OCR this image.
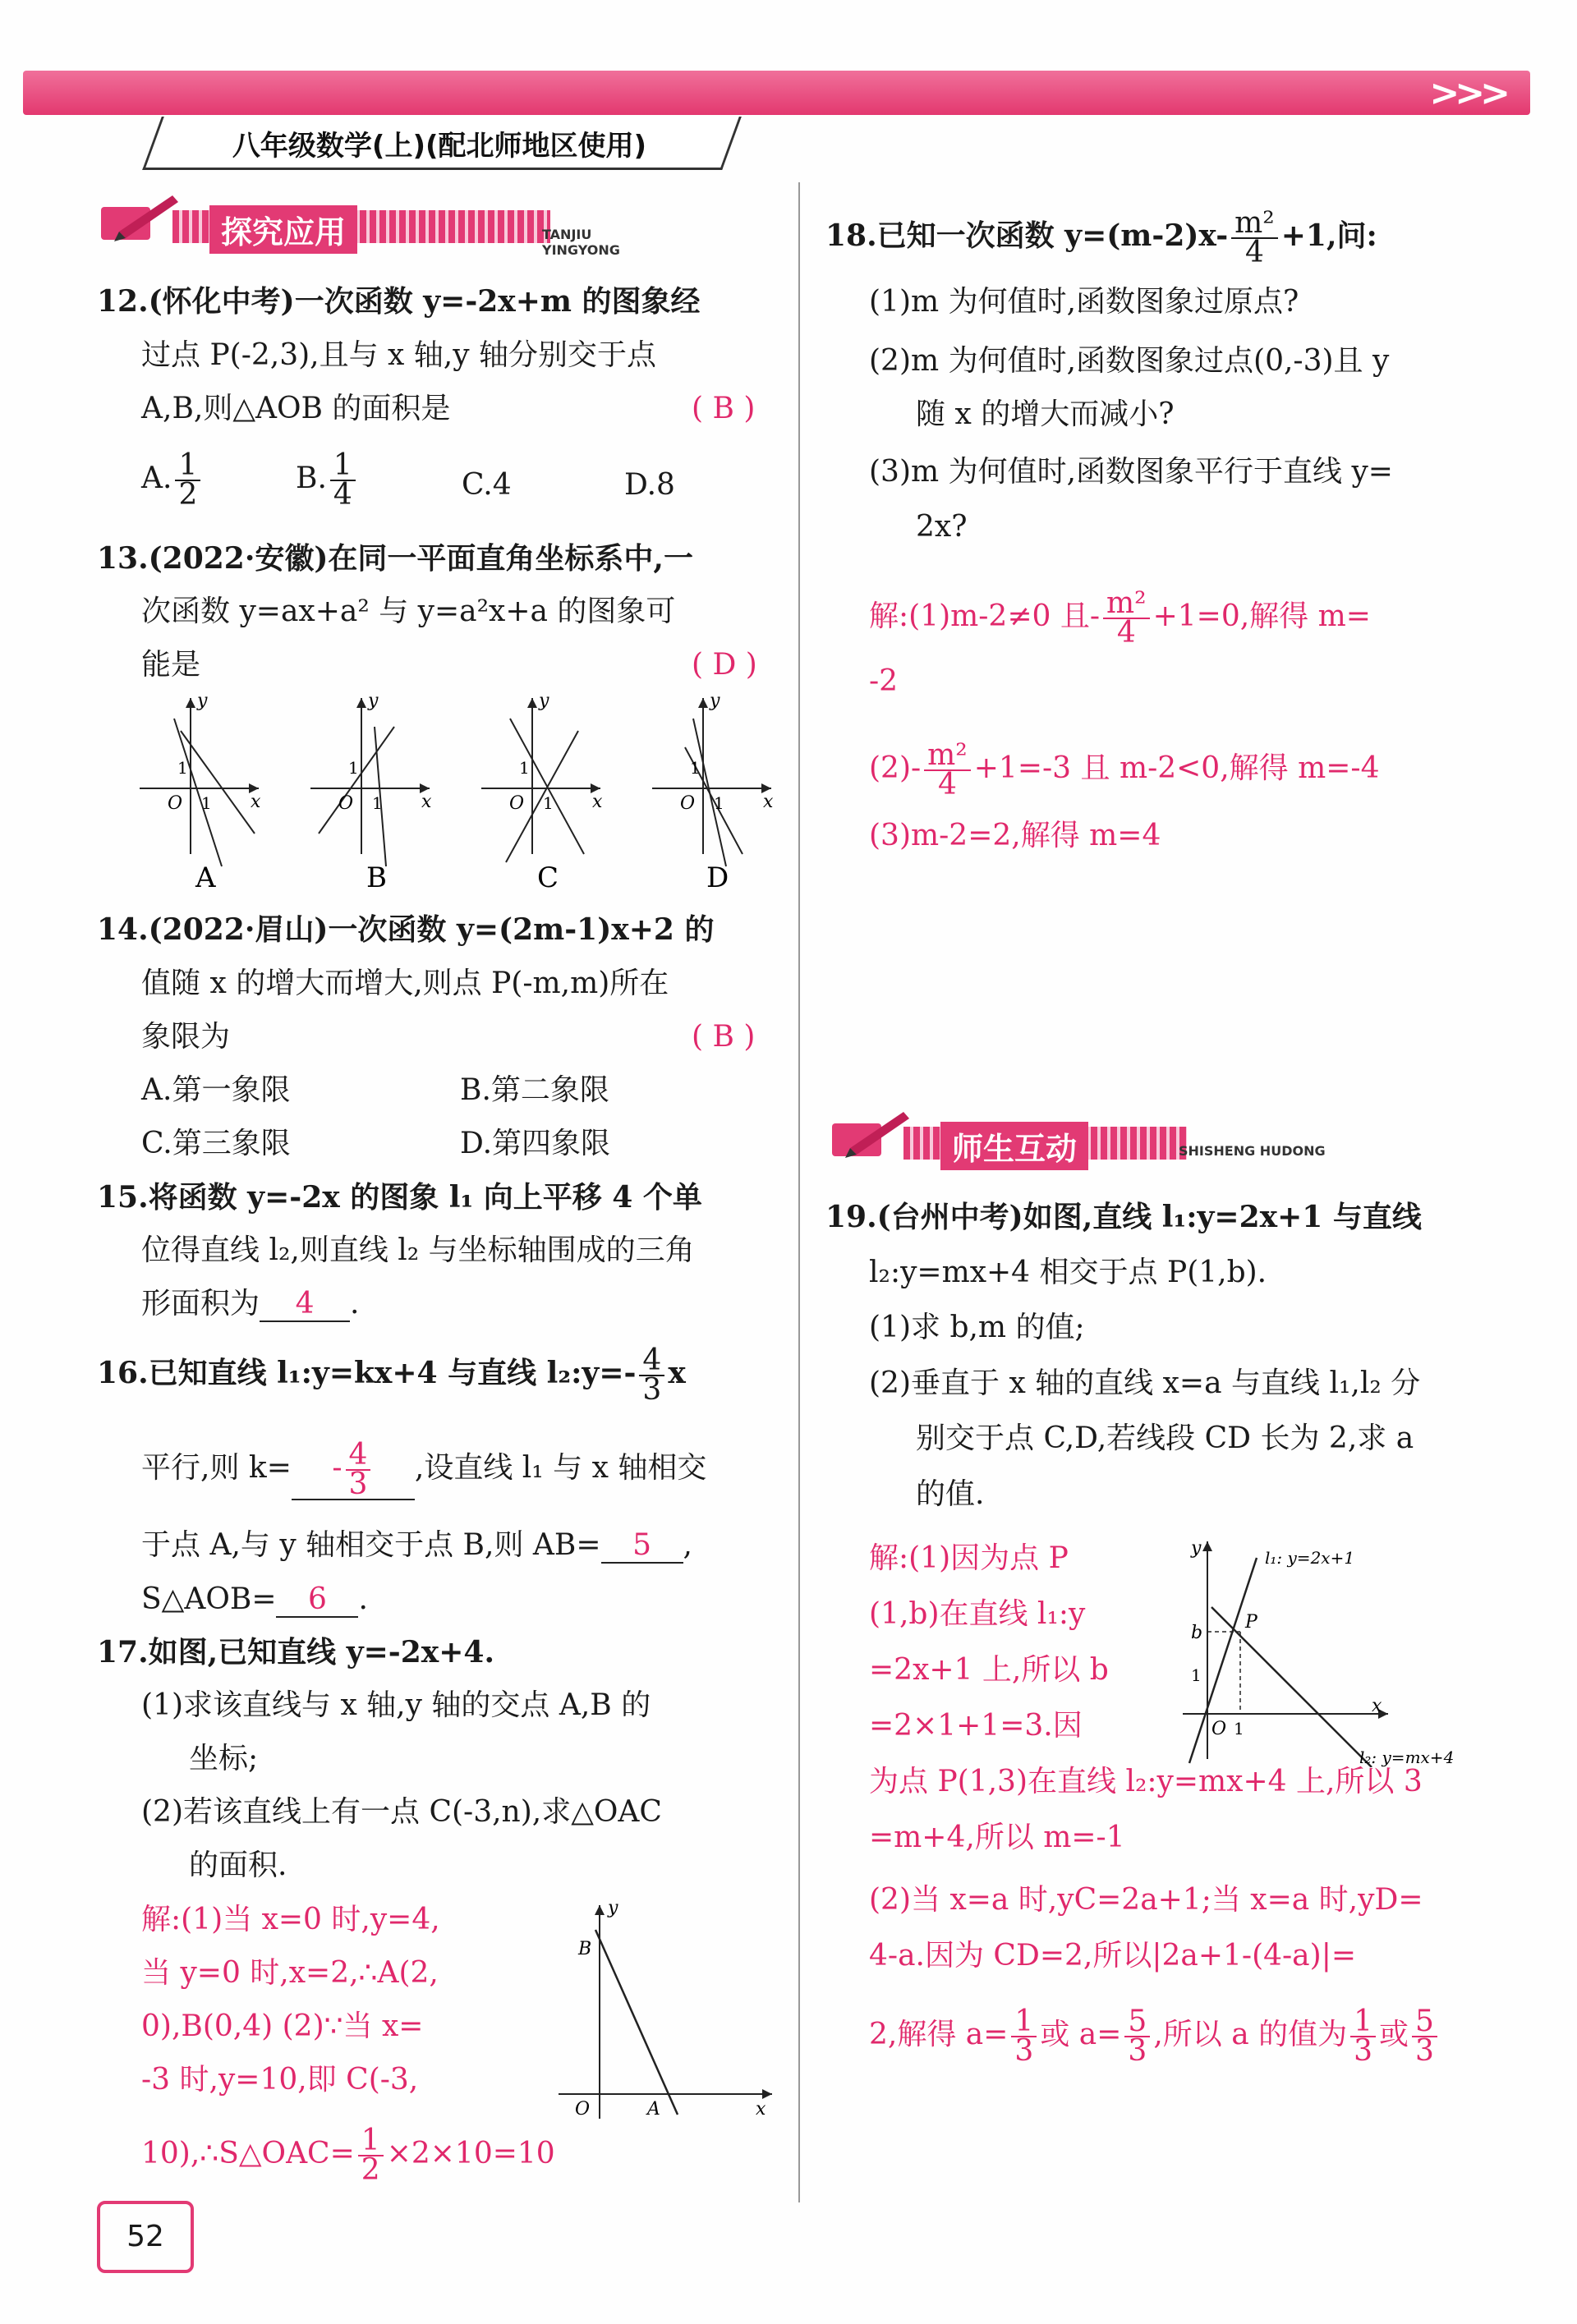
>>>
八年级数学(上)(配北师地区使用)
探究应用	TANJIU YINGYONG
12.(怀化中考)一次函数 y=-2x+m 的图象经
过点 P(-2,3),且与 x 轴,y 轴分别交于点
A,B,则△AOB 的面积是	( B )
A. $\frac{1}{2}$	B. $\frac{1}{4}$	C.4	D.8
13.(2022·安徽)在同一平面直角坐标系中,一
次函数 y=ax+a² 与 y=a²x+a 的图象可
能是	( D )
y
x
O
1
1
y
x
O
1
1
y
x
O
1
1
y
x
O
1
1
A	B	C	D
14.(2022·眉山)一次函数 y=(2m-1)x+2 的
值随 x 的增大而增大,则点 P(-m,m)所在
象限为	( B )
A.第一象限	B.第二象限
C.第三象限	D.第四象限
15.将函数 y=-2x 的图象 l₁ 向上平移 4 个单
位得直线 l₂,则直线 l₂ 与坐标轴围成的三角
形面积为 4 .
16.已知直线 l₁:y=kx+4 与直线 l₂:y=- $\frac{4}{3}$ x
平行,则 $k= - \frac{4}{3}$ ,设直线 l₁ 与 x 轴相交
于点 A,与 y 轴相交于点 B,则 AB= 5 ,
S△AOB= 6 .
17.如图,已知直线 y=-2x+4.
(1)求该直线与 x 轴,y 轴的交点 A,B 的
坐标;
(2)若该直线上有一点 C(-3,n),求△OAC
的面积.
解:(1)当 x=0 时,y=4,
当 y=0 时,x=2,∴A(2,
0),B(0,4) (2)∵当 x=
-3 时,y=10,即 C(-3,
10),∴S△OAC= $\frac{1}{2} \times 2\times 10=10$
y
x
O	A
B
18.已知一次函数 $y=(m-2)x- \frac{\text{m²}}{4} +1$,问:
(1)m 为何值时,函数图象过原点?
(2)m 为何值时,函数图象过点(0,-3)且 y
随 x 的增大而减小?
(3)m 为何值时,函数图象平行于直线 y=
2x?
解:(1)m-2≠0 且- $\frac{\text{m²}}{4} +1=0$,解得 m=
-2
$(2)- \frac{\text{m²}}{4} +1=-3$ 且 m-2<0,解得 m=-4
(3)m-2=2,解得 m=4
师生互动	SHISHENG HUDONG
19.(台州中考)如图,直线 l₁:y=2x+1 与直线
l₂:y=mx+4 相交于点 P(1,b).
(1)求 b,m 的值;
(2)垂直于 x 轴的直线 x=a 与直线 l₁,l₂ 分
别交于点 C,D,若线段 CD 长为 2,求 a
的值.
解:(1)因为点 P
(1,b)在直线 l₁:y
=2x+1 上,所以 b
=2×1+1=3.因
为点 P(1,3)在直线 l₂:y=mx+4 上,所以 3
=m+4,所以 m=-1
(2)当 x=a 时,yC=2a+1;当 x=a 时,yD=
4-a.因为 CD=2,所以|2a+1-(4-a)|=
2,解得 $a= \frac{1}{3}$ 或 $a= \frac{5}{3}$ ,所以 a 的值为 $\frac{1}{3}$ 或 $\frac{5}{3}$
y
x
O 1
1
b
P
l₁: y=2x+1
l₂: y=mx+4
52
